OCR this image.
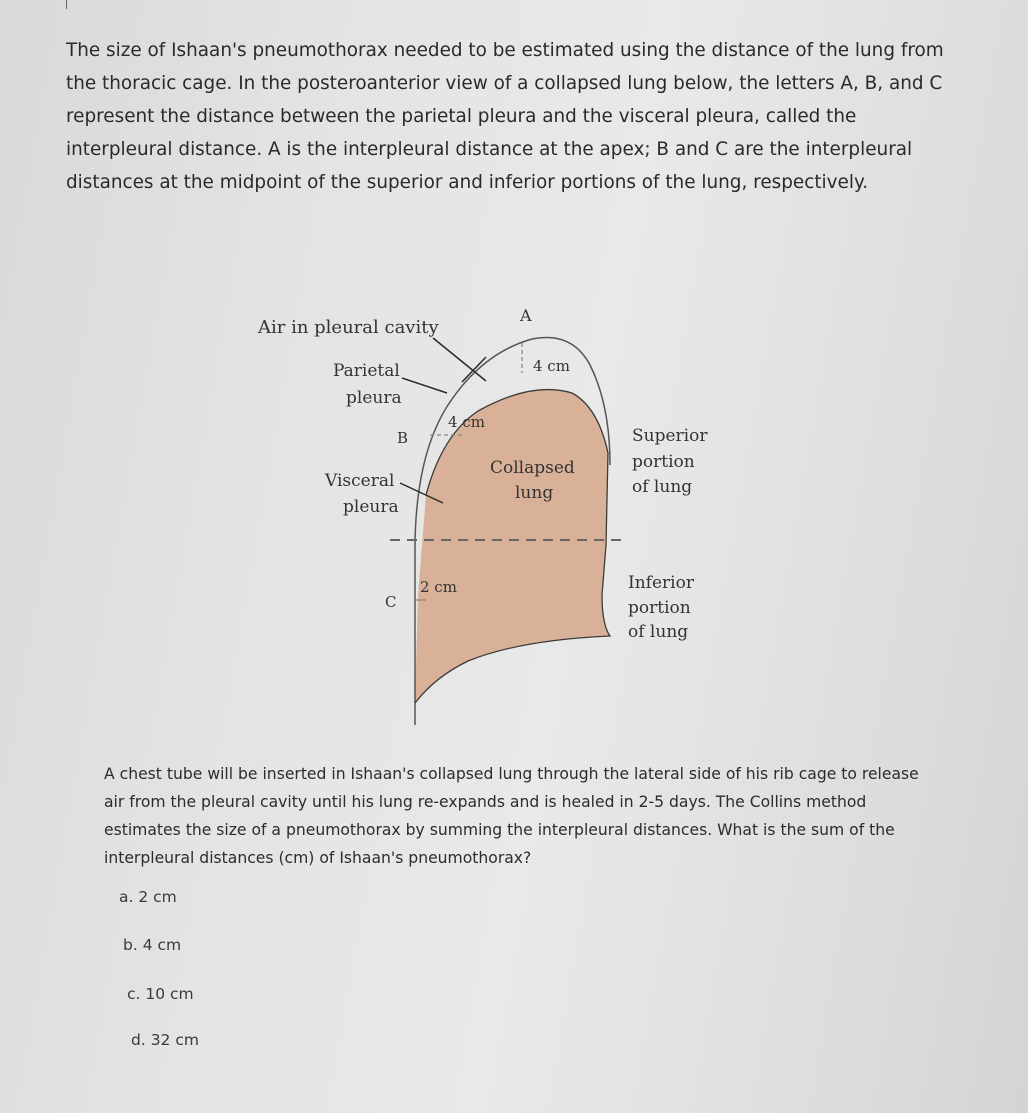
The size of Ishaan's pneumothorax needed to be estimated using the distance of the lung from the thoracic cage. In the posteroanterior view of a collapsed lung below, the letters A, B, and C represent the distance between the parietal pleura and the visceral pleura, called the interpleural distance. A is the interpleural distance at the apex; B and C are the interpleural distances at the midpoint of the superior and inferior portions of the lung, respectively.

Air in pleural cavity
A
4 cm
Parietal
pleura
4 cm
B
Visceral
pleura
Collapsed
lung
Superior
portion
of lung
2 cm
C
Inferior
portion
of lung

A chest tube will be inserted in Ishaan's collapsed lung through the lateral side of his rib cage to release air from the pleural cavity until his lung re-expands and is healed in 2-5 days. The Collins method estimates the size of a pneumothorax by summing the interpleural distances. What is the sum of the interpleural distances (cm) of Ishaan's pneumothorax?

a. 2 cm
b. 4 cm
c. 10 cm
d. 32 cm
